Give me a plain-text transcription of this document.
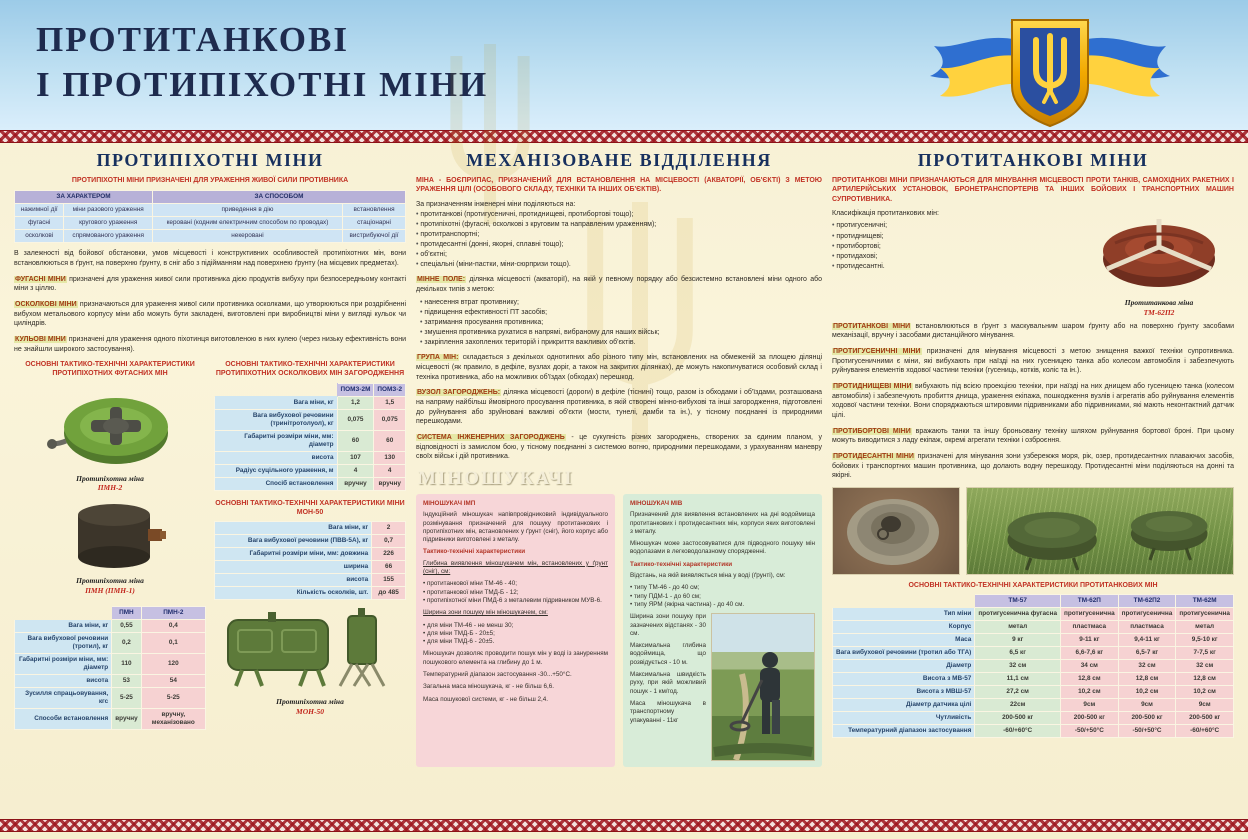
ПРОТИТАНКОВІ
І ПРОТИПІХОТНІ МІНИ
ПРОТИПІХОТНІ МІНИ
ПРОТИПІХОТНІ МІНИ ПРИЗНАЧЕНІ ДЛЯ УРАЖЕННЯ ЖИВОЇ СИЛИ ПРОТИВНИКА
ЗА ХАРАКТЕРОМ		ЗА СПОСОБОМ	
нажимної дії	міни разового ураження	приведення в дію	встановлення
фугасні	кругового ураження	керовані (кодним електричним способом по проводах)	стаціонарні
осколкові	спрямованого ураження	некеровані	вистрибуючої дії

В залежності від бойової обстановки, умов місцевості і конструктивних особливостей протипіхотних мін, вони встановлюються в ґрунт, на поверхню ґрунту, в сніг або з підійманням над поверхнею ґрунту (на місцевих предметах).

ФУГАСНІ МІНИ призначені для ураження живої сили противника дією продуктів вибуху при безпосередньому контакті міни з ціллю.

ОСКОЛКОВІ МІНИ призначаються для ураження живої сили противника осколками, що утворюються при роздрібненні вибухом метальового корпусу міни або можуть бути закладені, виготовлені при виробництві міни у вигляді кульок чи циліндрів.

КУЛЬОВІ МІНИ призначені для ураження одного піхотинця виготовленою в них кулею (через низьку ефективність вони не знайшли широкого застосування).

ОСНОВНІ ТАКТИКО-ТЕХНІЧНІ ХАРАКТЕРИСТИКИ ПРОТИПІХОТНИХ ФУГАСНИХ МІН
Протипіхотна міна
ПМН-2
ОСНОВНІ ТАКТИКО-ТЕХНІЧНІ ХАРАКТЕРИСТИКИ ПРОТИПІХОТНИХ ОСКОЛКОВИХ МІН ЗАГОРОДЖЕННЯ
	ПОМЗ-2М	ПОМЗ-2
Вага міни, кг	1,2	1,5
Вага вибухової речовини (тринітротолуол), кг	0,075	0,075
Габаритні розміри міни, мм: діаметр	60	60
висота	107	130
Радіус суцільного ураження, м	4	4
Спосіб встановлення	вручну	вручну
Протипіхотна міна
ПМН (ПМН-1)
ОСНОВНІ ТАКТИКО-ТЕХНІЧНІ ХАРАКТЕРИСТИКИ МІНИ МОН-50
Вага міни, кг	2
Вага вибухової речовини (ПВВ-5А), кг	0,7
Габаритні розміри міни, мм: довжина	226
ширина	66
висота	155
Кількість осколків, шт.	до 485
	ПМН	ПМН-2
Вага міни, кг	0,55	0,4
Вага вибухової речовини (тротил), кг	0,2	0,1
Габаритні розміри міни, мм: діаметр	110	120
висота	53	54
Зусилля спрацьовування, кгс	5-25	5-25
Способи встановлення	вручну	вручну, механізовано
Протипіхотна міна
МОН-50
МЕХАНІЗОВАНЕ ВІДДІЛЕННЯ
МІНА - БОЄПРИПАС, ПРИЗНАЧЕНИЙ ДЛЯ ВСТАНОВЛЕННЯ НА МІСЦЕВОСТІ (АКВАТОРІЇ, ОБ'ЄКТІ) З МЕТОЮ УРАЖЕННЯ ЦІЛІ (ОСОБОВОГО СКЛАДУ, ТЕХНІКИ ТА ІНШИХ ОБ'ЄКТІВ).
За призначенням інженерні міни поділяються на:
• протитанкові (протигусеничні, протиднищеві, протибортові тощо);
• протипіхотні (фугасні, осколкові з круговим та направленим ураженням);
• протитранспортні;
• протидесантні (донні, якорні, сплавні тощо);
• об'єктні;
• спеціальні (міни-пастки, міни-сюрпризи тощо).

МІННЕ ПОЛЕ: ділянка місцевості (акваторії), на якій у певному порядку або безсистемно встановлені міни одного або декількох типів з метою:

• нанесення втрат противнику;
• підвищення ефективності ПТ засобів;
• затримання просування противника;
• змушення противника рухатися в напрямі, вибраному для наших військ;
• закріплення захоплених територій і прикриття важливих об'єктів.

ГРУПА МІН: складається з декількох однотипних або різного типу мін, встановлених на обмеженій за площею ділянці місцевості (як правило, в дефіле, вузлах доріг, а також на закритих ділянках), де можуть накопичуватися особовий склад і техніка противника, або на можливих об'їздах (обходах) перешкод.

ВУЗОЛ ЗАГОРОДЖЕНЬ: ділянка місцевості (дороги) в дефіле (тіснині) тощо, разом із обходами і об'їздами, розташована на напряму найбільш ймовірного просування противника, в якій створені мінно-вибухові та інші загородження, підготовлені до руйнування або зруйновані важливі об'єкти (мости, тунелі, дамби та ін.), у тісному поєднанні із природними перешкодами.

СИСТЕМА ІНЖЕНЕРНИХ ЗАГОРОДЖЕНЬ - це сукупність різних загороджень, створених за єдиним планом, у відповідності із замислом бою, у тісному поєднанні з системою вогню, природними перешкодами, з урахуванням маневру своїх військ і дій противника.

МІНОШУКАЧІ
МІНОШУКАЧ ІМП

Індукційний міношукач напівпровідниковий індивідуального розмінування призначений для пошуку протитанкових і протипіхотних мін, встановлених у ґрунт (сніг), його корпус або підривники виготовлені з металу.

Тактико-технічні характеристики

Глибина виявлення міношукачем мін, встановлених у ґрунт (сніг), см:

• протитанкової міни ТМ-46 - 40;
• протитанкової міни ТМД-Б - 12;
• протипіхотної міни ПМД-6 з металевим підривником МУВ-6.

Ширина зони пошуку мін міношукачем, см:

• для міни ТМ-46 - не менш 30;
• для міни ТМД-Б - 20±5;
• для міни ТМД-6 - 20±5.

Міношукач дозволяє проводити пошук мін у воді із зануренням пошукового елемента на глибину до 1 м.

Температурний діапазон застосування -30...+50°С.

Загальна маса міношукача, кг - не більш 6,6.

Маса пошукової системи, кг - не більш 2,4.

МІНОШУКАЧ МІВ

Призначений для виявлення встановлених на дні водоймища протитанкових і протидесантних мін, корпуси яких виготовлені з металу.

Міношукач може застосовуватися для підводного пошуку мін водолазами в легководолазному спорядженні.

Тактико-технічні характеристики

Відстань, на якій виявляється міна у воді (ґрунті), см:

• типу ТМ-46 - до 40 см;
• типу ПДМ-1 - до 60 см;
• типу ЯРМ (якірна частина) - до 40 см.

Ширина зони пошуку при зазначених відстанях - 30 см.

Максимальна глибина водоймища, що розвідується - 10 м.

Максимальна швидкість руху, при якій можливий пошук - 1 км/год.

Маса міношукача в транспортному упакуванні - 11кг

ПРОТИТАНКОВІ МІНИ
ПРОТИТАНКОВІ МІНИ ПРИЗНАЧАЮТЬСЯ ДЛЯ МІНУВАННЯ МІСЦЕВОСТІ ПРОТИ ТАНКІВ, САМОХІДНИХ РАКЕТНИХ І АРТИЛЕРІЙСЬКИХ УСТАНОВОК, БРОНЕТРАНСПОРТЕРІВ ТА ІНШИХ БОЙОВИХ І ТРАНСПОРТНИХ МАШИН СУПРОТИВНИКА.
Класифікація протитанкових мін:
• протигусеничні;
• протиднищеві;
• протибортові;
• протидахові;
• протидесантні.
Протитанкова міна
ТМ-62П2

ПРОТИТАНКОВІ МІНИ встановлюються в ґрунт з маскувальним шаром ґрунту або на поверхню ґрунту засобами механізації, вручну і засобами дистанційного мінування.

ПРОТИГУСЕНИЧНІ МІНИ призначені для мінування місцевості з метою знищення важкої техніки супротивника. Протигусеничними є міни, які вибухають при наїзді на них гусеницею танка або колесом автомобіля і забезпечують руйнування елементів ходової частини техніки (гусениць, котків, коліс та ін.).

ПРОТИДНИЩЕВІ МІНИ вибухають під всією проекцією техніки, при наїзді на них днищем або гусеницею танка (колесом автомобіля) і забезпечують пробиття днища, ураження екіпажа, пошкодження вузлів і агрегатів або руйнування елементів ходової частини техніки. Вони споряджаються штировими підривниками або підривниками, які мають неконтактний датчик цілі.

ПРОТИБОРТОВІ МІНИ вражають танки та іншу броньовану техніку шляхом руйнування бортової броні. При цьому можуть виводитися з ладу екіпаж, окремі агрегати техніки і озброєння.

ПРОТИДЕСАНТНІ МІНИ призначені для мінування зони узбережжя моря, рік, озер, протидесантних плаваючих засобів, бойових і транспортних машин противника, що долають водну перешкоду. Протидесантні міни поділяються на донні та якірні.

ОСНОВНІ ТАКТИКО-ТЕХНІЧНІ ХАРАКТЕРИСТИКИ ПРОТИТАНКОВИХ МІН
	ТМ-57	ТМ-62П	ТМ-62П2	ТМ-62М
Тип міни	протигусенична фугасна	протигусенична	протигусенична	протигусенична
Корпус	метал	пластмаса	пластмаса	метал
Маса	9 кг	9-11 кг	9,4-11 кг	9,5-10 кг
Вага вибухової речовини (тротил або ТГА)	6,5 кг	6,6-7,6 кг	6,5-7 кг	7-7,5 кг
Діаметр	32 см	34 см	32 см	32 см
Висота з МВ-57	11,1 см	12,8 см	12,8 см	12,8 см
Висота з МВШ-57	27,2 см	10,2 см	10,2 см	10,2 см
Діаметр датчика цілі	22см	9см	9см	9см
Чутливість	200-500 кг	200-500 кг	200-500 кг	200-500 кг
Температурний діапазон застосування	-60/+60°С	-50/+50°С	-50/+50°С	-60/+60°С
